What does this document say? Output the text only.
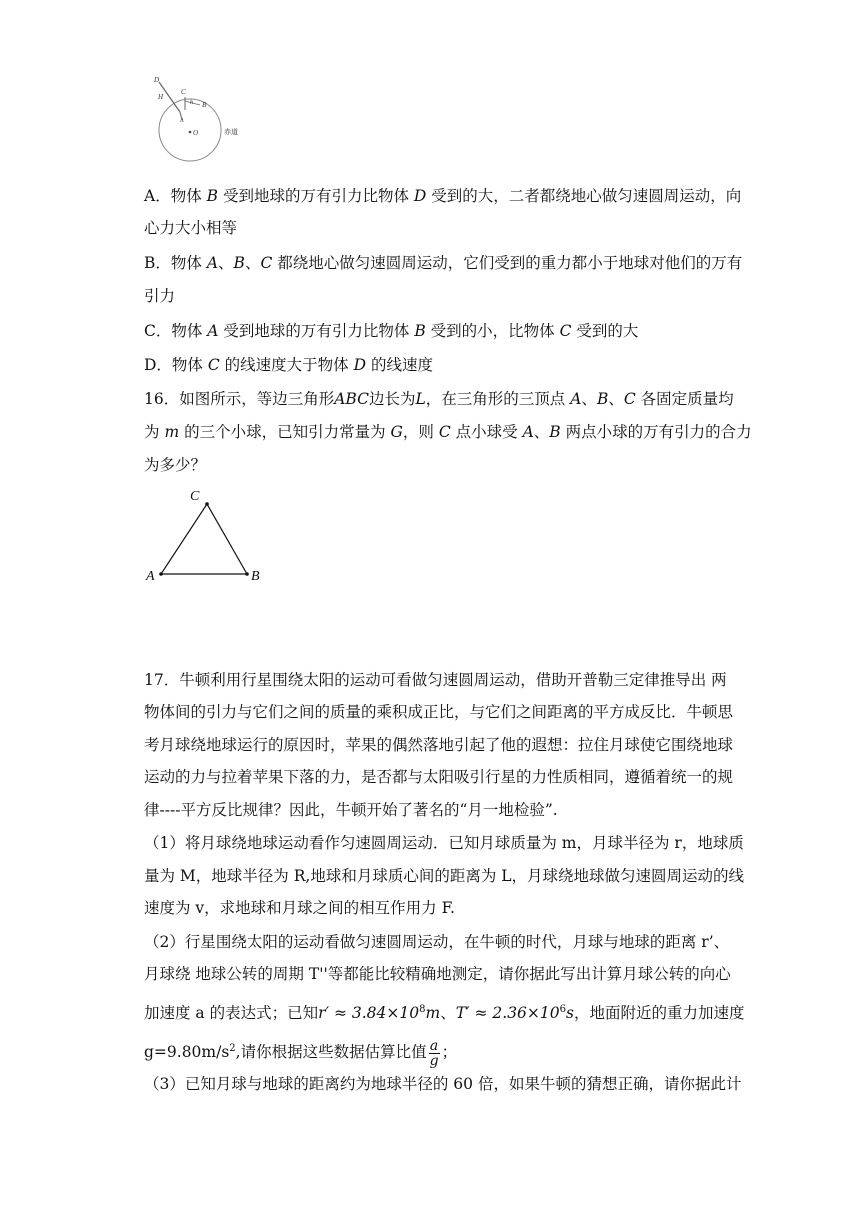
D
H
C
h B
A
O	赤道
A．物体 B 受到地球的万有引力比物体 D 受到的大，二者都绕地心做匀速圆周运动，向
心力大小相等
B．物体 A、B、C 都绕地心做匀速圆周运动，它们受到的重力都小于地球对他们的万有
引力
C．物体 A 受到地球的万有引力比物体 B 受到的小，比物体 C 受到的大
D．物体 C 的线速度大于物体 D 的线速度
16．如图所示，等边三角形ABC边长为L，在三角形的三顶点 A、B、C 各固定质量均
为 m 的三个小球，已知引力常量为 G，则 C 点小球受 A、B 两点小球的万有引力的合力
为多少？
C
A	B
17．牛顿利用行星围绕太阳的运动可看做匀速圆周运动，借助开普勒三定律推导出 两
物体间的引力与它们之间的质量的乘积成正比，与它们之间距离的平方成反比．牛顿思
考月球绕地球运行的原因时，苹果的偶然落地引起了他的遐想：拉住月球使它围绕地球
运动的力与拉着苹果下落的力，是否都与太阳吸引行星的力性质相同，遵循着统一的规
律----平方反比规律？因此，牛顿开始了著名的“月一地检验”.
（1）将月球绕地球运动看作匀速圆周运动．已知月球质量为 m，月球半径为 r，地球质
量为 M，地球半径为 R,地球和月球质心间的距离为 L，月球绕地球做匀速圆周运动的线
速度为 v，求地球和月球之间的相互作用力 F.
（2）行星围绕太阳的运动看做匀速圆周运动，在牛顿的时代，月球与地球的距离 r’、
月球绕 地球公转的周期 T''等都能比较精确地测定，请你据此写出计算月球公转的向心
加速度 a 的表达式；已知$r' \approx 3.84\times 10^8m$、$T' \approx 2.36\times 10^6s$，地面附近的重力加速度
$g=9.80m/s^2$,请你根据这些数据估算比值 $\frac{a}{g}$ ；
（3）已知月球与地球的距离约为地球半径的 60 倍，如果牛顿的猜想正确，请你据此计
